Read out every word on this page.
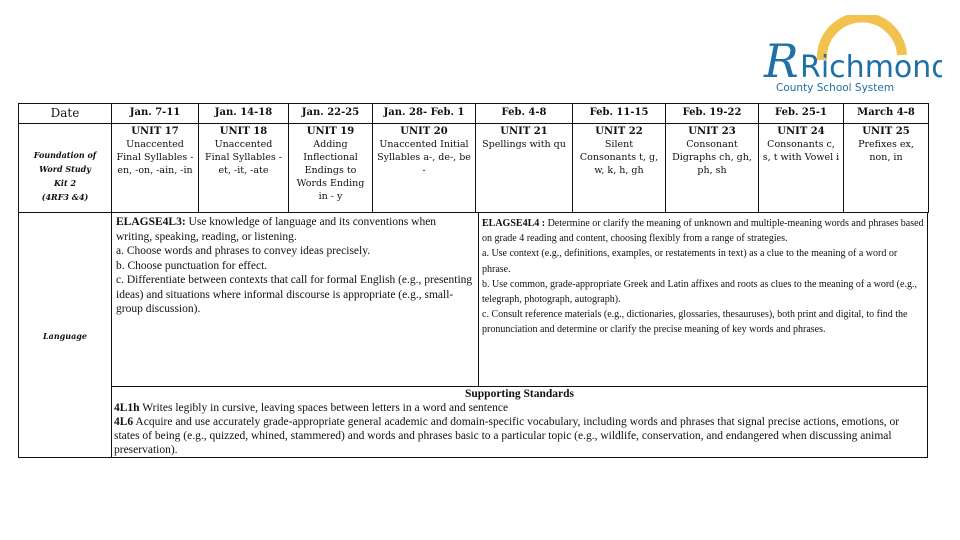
R Richmond
County School System
Date
Foundation of
Word Study
Kit 2
(4RF3 &4)
Language
Jan. 7-11
UNIT 17
Unaccented Final Syllables -en, -on, -ain, -in
Jan. 14-18
UNIT 18
Unaccented Final Syllables - et, -it, -ate
Jan. 22-25
UNIT 19
Adding Inflectional Endings to Words Ending in - y
Jan. 28- Feb. 1
UNIT 20
Unaccented Initial Syllables a-, de-, be -
Feb. 4-8
UNIT 21
Spellings with qu
Feb. 11-15
UNIT 22
Silent Consonants t, g, w, k, h, gh
Feb. 19-22
UNIT 23
Consonant Digraphs ch, gh, ph, sh
Feb. 25-1
UNIT 24
Consonants c, s, t with Vowel i
March 4-8
UNIT 25
Prefixes ex, non, in
ELAGSE4L3: Use knowledge of language and its conventions when writing, speaking, reading, or listening.
a. Choose words and phrases to convey ideas precisely.
b. Choose punctuation for effect.
c. Differentiate between contexts that call for formal English (e.g., presenting ideas) and situations where informal discourse is appropriate (e.g., small-group discussion).
ELAGSE4L4 : Determine or clarify the meaning of unknown and multiple-meaning words and phrases based on grade 4 reading and content, choosing flexibly from a range of strategies.
a. Use context (e.g., definitions, examples, or restatements in text) as a clue to the meaning of a word or phrase.
b. Use common, grade-appropriate Greek and Latin affixes and roots as clues to the meaning of a word (e.g., telegraph, photograph, autograph).
c. Consult reference materials (e.g., dictionaries, glossaries, thesauruses), both print and digital, to find the pronunciation and determine or clarify the precise meaning of key words and phrases.
Supporting Standards
4L1h Writes legibly in cursive, leaving spaces between letters in a word and sentence
4L6 Acquire and use accurately grade-appropriate general academic and domain-specific vocabulary, including words and phrases that signal precise actions, emotions, or states of being (e.g., quizzed, whined, stammered) and words and phrases basic to a particular topic (e.g., wildlife, conservation, and endangered when discussing animal preservation).
